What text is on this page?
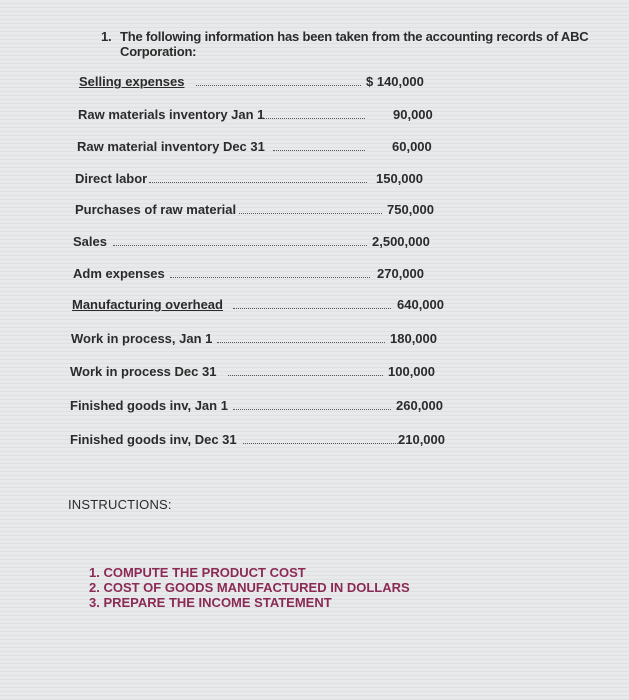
1. The following information has been taken from the accounting records of ABC Corporation:
Selling expenses	$ 140,000
Raw materials inventory Jan 1	90,000
Raw material inventory Dec 31	60,000
Direct labor	150,000
Purchases of raw material	750,000
Sales	2,500,000
Adm expenses	270,000
Manufacturing overhead	640,000
Work in process, Jan 1	180,000
Work in process Dec 31	100,000
Finished goods inv, Jan 1	260,000
Finished goods inv, Dec 31	210,000
INSTRUCTIONS:
1. COMPUTE THE PRODUCT COST
2. COST OF GOODS MANUFACTURED IN DOLLARS
3. PREPARE THE INCOME STATEMENT
